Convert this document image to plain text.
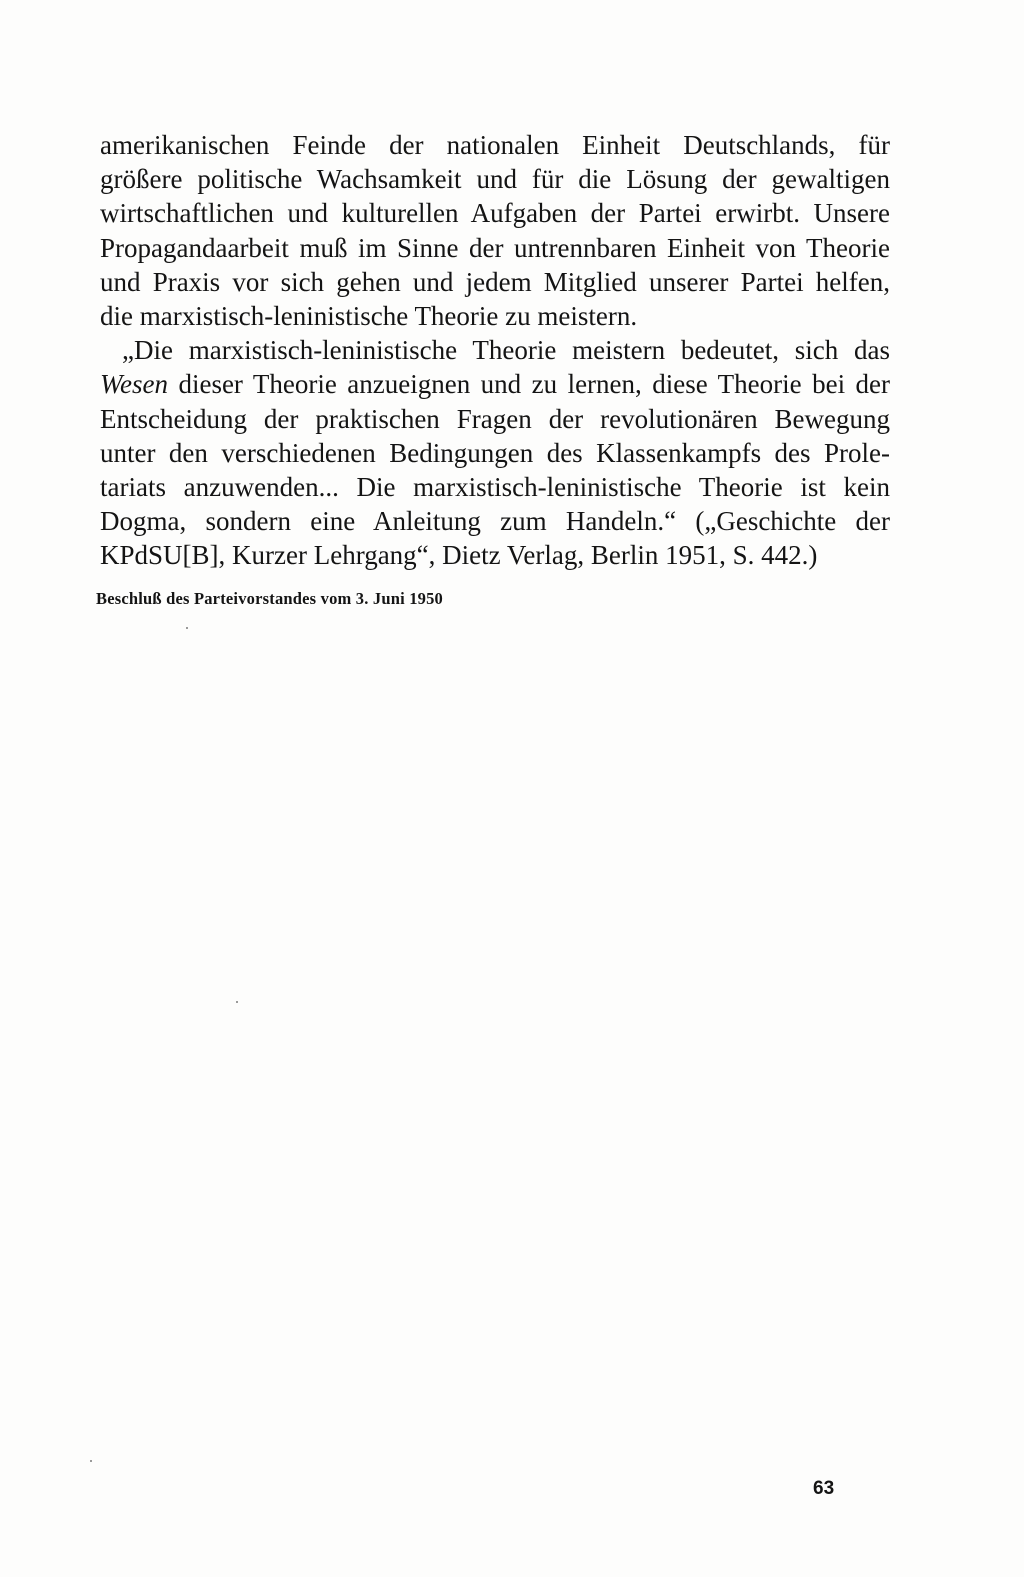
amerikanischen Feinde der nationalen Einheit Deutschlands, für
größere politische Wachsamkeit und für die Lösung der gewaltigen
wirtschaftlichen und kulturellen Aufgaben der Partei erwirbt. Unsere
Propagandaarbeit muß im Sinne der untrennbaren Einheit von Theorie
und Praxis vor sich gehen und jedem Mitglied unserer Partei helfen,
die marxistisch-leninistische Theorie zu meistern.
„Die marxistisch-leninistische Theorie meistern bedeutet, sich das
Wesen dieser Theorie anzueignen und zu lernen, diese Theorie bei der
Entscheidung der praktischen Fragen der revolutionären Bewegung
unter den verschiedenen Bedingungen des Klassenkampfs des Prole-
tariats anzuwenden... Die marxistisch-leninistische Theorie ist kein
Dogma, sondern eine Anleitung zum Handeln.“ („Geschichte der
KPdSU[B], Kurzer Lehrgang“, Dietz Verlag, Berlin 1951, S. 442.)
Beschluß des Parteivorstandes vom 3. Juni 1950
63
